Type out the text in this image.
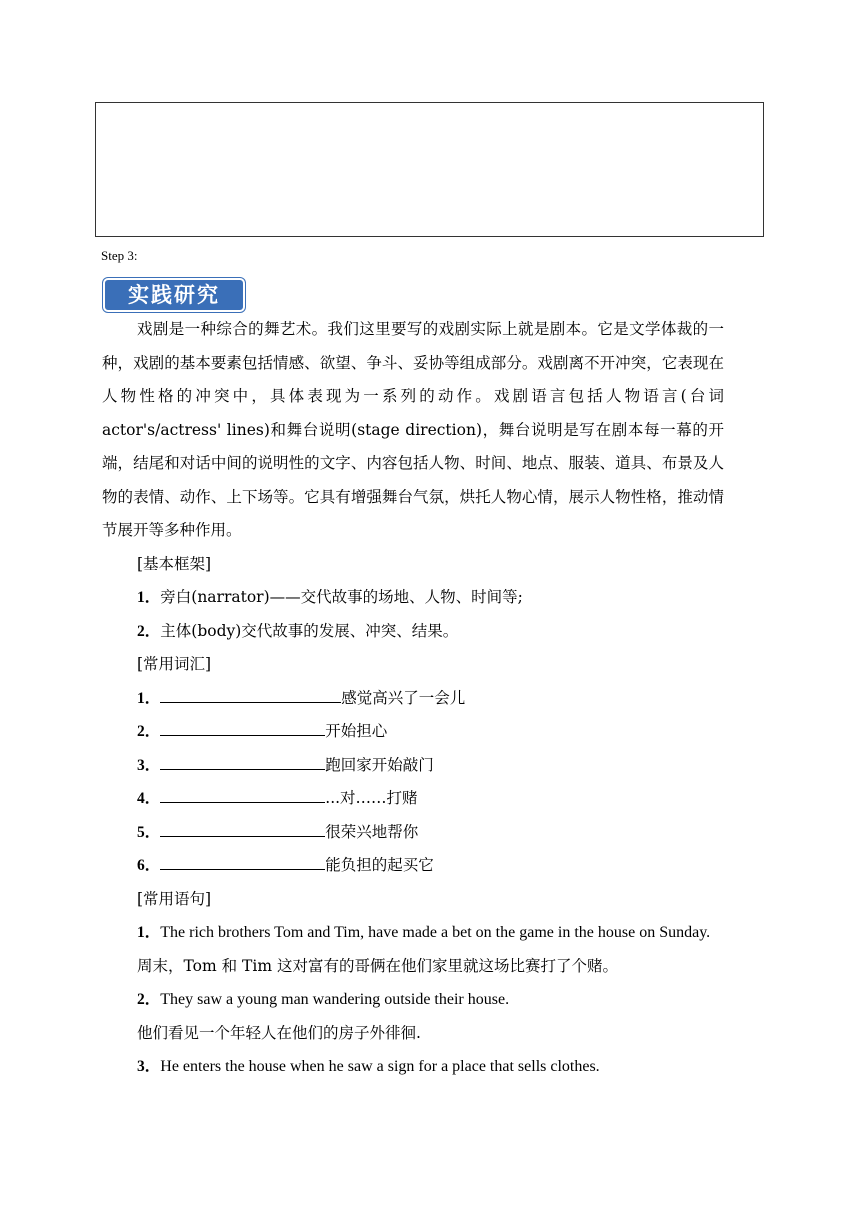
Step 3:
实践研究
戏剧是一种综合的舞艺术。我们这里要写的戏剧实际上就是剧本。它是文学体裁的一种，戏剧的基本要素包括情感、欲望、争斗、妥协等组成部分。戏剧离不开冲突，它表现在人物性格的冲突中，具体表现为一系列的动作。戏剧语言包括人物语言(台词actor's/actress' lines)和舞台说明(stage direction)，舞台说明是写在剧本每一幕的开端，结尾和对话中间的说明性的文字、内容包括人物、时间、地点、服装、道具、布景及人物的表情、动作、上下场等。它具有增强舞台气氛，烘托人物心情，展示人物性格，推动情节展开等多种作用。
[基本框架]
1．旁白(narrator)——交代故事的场地、人物、时间等;
2．主体(body)交代故事的发展、冲突、结果。
[常用词汇]
1．	感觉高兴了一会儿
2．	开始担心
3．	跑回家开始敲门
4．	...对……打赌
5．	很荣兴地帮你
6．	能负担的起买它
[常用语句]
1．The rich brothers Tom and Tim, have made a bet on the game in the house on Sunday.
周末，Tom 和 Tim 这对富有的哥俩在他们家里就这场比赛打了个赌。
2．They saw a young man wandering outside their house.
他们看见一个年轻人在他们的房子外徘徊.
3．He enters the house when he saw a sign for a place that sells clothes.
